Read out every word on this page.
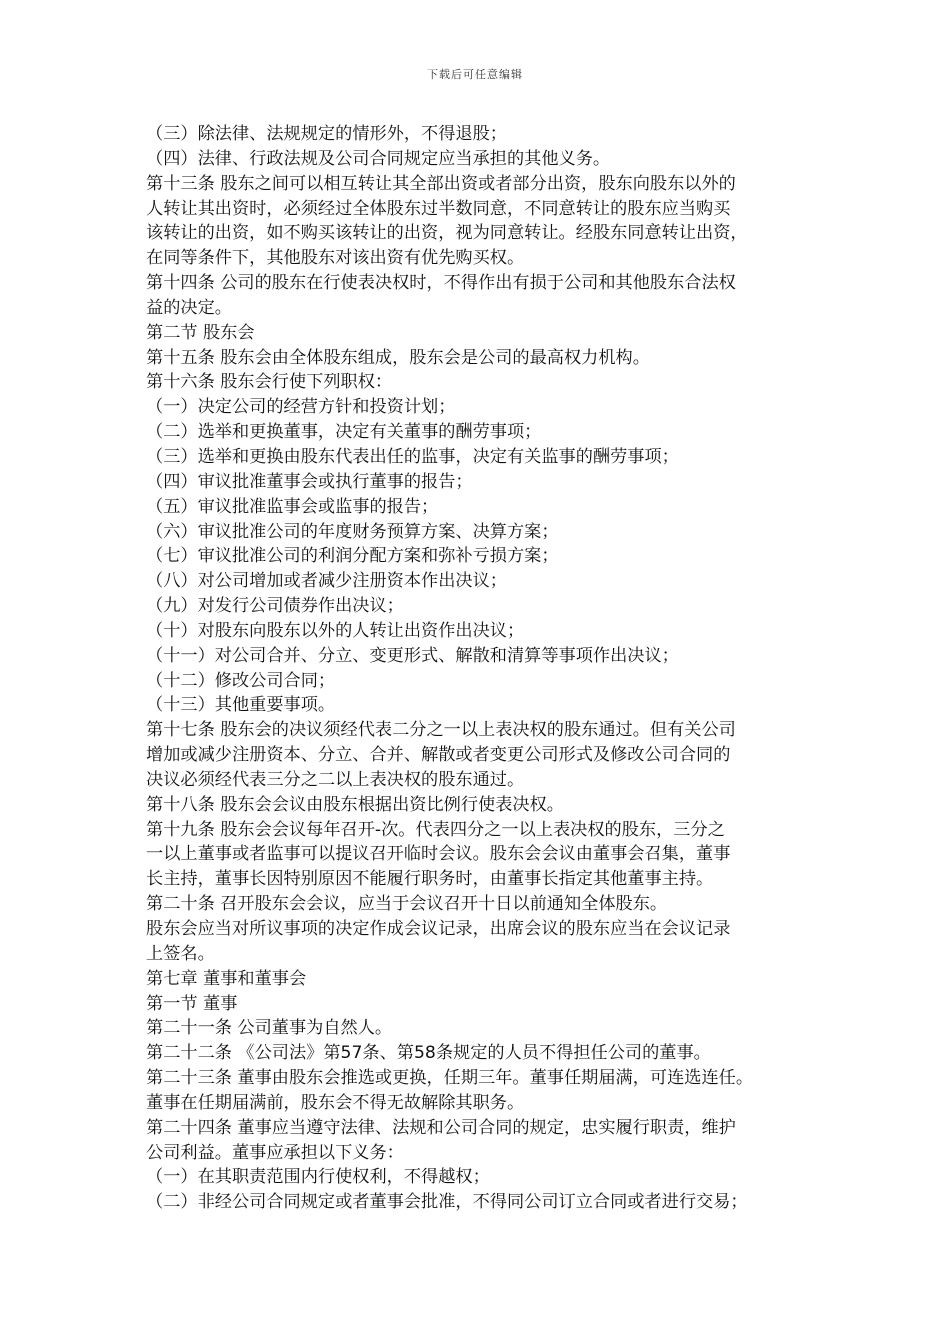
下载后可任意编辑

（三）除法律、法规规定的情形外，不得退股；

（四）法律、行政法规及公司合同规定应当承担的其他义务。

第十三条 股东之间可以相互转让其全部出资或者部分出资，股东向股东以外的

人转让其出资时，必须经过全体股东过半数同意，不同意转让的股东应当购买

该转让的出资，如不购买该转让的出资，视为同意转让。经股东同意转让出资，

在同等条件下，其他股东对该出资有优先购买权。

第十四条 公司的股东在行使表决权时，不得作出有损于公司和其他股东合法权

益的决定。

第二节 股东会

第十五条 股东会由全体股东组成，股东会是公司的最高权力机构。

第十六条 股东会行使下列职权：

（一）决定公司的经营方针和投资计划；

（二）选举和更换董事，决定有关董事的酬劳事项；

（三）选举和更换由股东代表出任的监事，决定有关监事的酬劳事项；

（四）审议批准董事会或执行董事的报告；

（五）审议批准监事会或监事的报告；

（六）审议批准公司的年度财务预算方案、决算方案；

（七）审议批准公司的利润分配方案和弥补亏损方案；

（八）对公司增加或者减少注册资本作出决议；

（九）对发行公司债券作出决议；

（十）对股东向股东以外的人转让出资作出决议；

（十一）对公司合并、分立、变更形式、解散和清算等事项作出决议；

（十二）修改公司合同；

（十三）其他重要事项。

第十七条 股东会的决议须经代表二分之一以上表决权的股东通过。但有关公司

增加或减少注册资本、分立、合并、解散或者变更公司形式及修改公司合同的

决议必须经代表三分之二以上表决权的股东通过。

第十八条 股东会会议由股东根据出资比例行使表决权。

第十九条 股东会会议每年召开-次。代表四分之一以上表决权的股东，三分之

一以上董事或者监事可以提议召开临时会议。股东会会议由董事会召集，董事

长主持，董事长因特别原因不能履行职务时，由董事长指定其他董事主持。

第二十条 召开股东会会议，应当于会议召开十日以前通知全体股东。

股东会应当对所议事项的决定作成会议记录，出席会议的股东应当在会议记录

上签名。

第七章 董事和董事会

第一节 董事

第二十一条 公司董事为自然人。

第二十二条 《公司法》第57条、第58条规定的人员不得担任公司的董事。

第二十三条 董事由股东会推选或更换，任期三年。董事任期届满，可连选连任。

董事在任期届满前，股东会不得无故解除其职务。

第二十四条 董事应当遵守法律、法规和公司合同的规定，忠实履行职责，维护

公司利益。董事应承担以下义务：

（一）在其职责范围内行使权利，不得越权；

（二）非经公司合同规定或者董事会批准，不得同公司订立合同或者进行交易；
